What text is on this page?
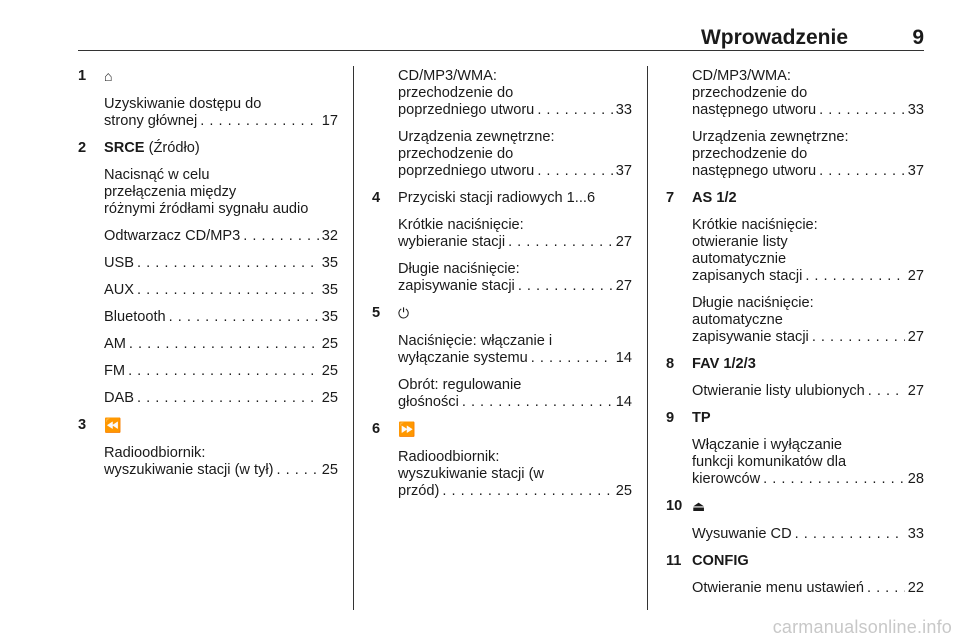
Wprowadzenie	9
1 ⌂
Uzyskiwanie dostępu do
strony głównej . . .	17
2 SRCE (Źródło)
Nacisnąć w celu
przełączenia między
różnymi źródłami sygnału audio
Odtwarzacz CD/MP3 . . .	32
USB . . .	35
AUX . . .	35
Bluetooth . . .	35
AM . . .	25
FM . . .	25
DAB . . .	25
3 ⏪
Radioodbiornik:
wyszukiwanie stacji (w tył) . . .	25
CD/MP3/WMA:
przechodzenie do
poprzedniego utworu . . .	33
Urządzenia zewnętrzne:
przechodzenie do
poprzedniego utworu . . .	37
4 Przyciski stacji radiowych 1...6
Krótkie naciśnięcie:
wybieranie stacji . . .	27
Długie naciśnięcie:
zapisywanie stacji . . .	27
5 ⏻
Naciśnięcie: włączanie i
wyłączanie systemu . . .	14
Obrót: regulowanie
głośności . . .	14
6 ⏩
Radioodbiornik:
wyszukiwanie stacji (w
przód) . . .	25
CD/MP3/WMA:
przechodzenie do
następnego utworu . . .	33
Urządzenia zewnętrzne:
przechodzenie do
następnego utworu . . .	37
7 AS 1/2
Krótkie naciśnięcie:
otwieranie listy
automatycznie
zapisanych stacji . . .	27
Długie naciśnięcie:
automatyczne
zapisywanie stacji . . .	27
8 FAV 1/2/3
Otwieranie listy ulubionych . . .	27
9 TP
Włączanie i wyłączanie
funkcji komunikatów dla
kierowców . . .	28
10 ⏏
Wysuwanie CD . . .	33
11 CONFIG
Otwieranie menu ustawień . . .	22
carmanualsonline.info
